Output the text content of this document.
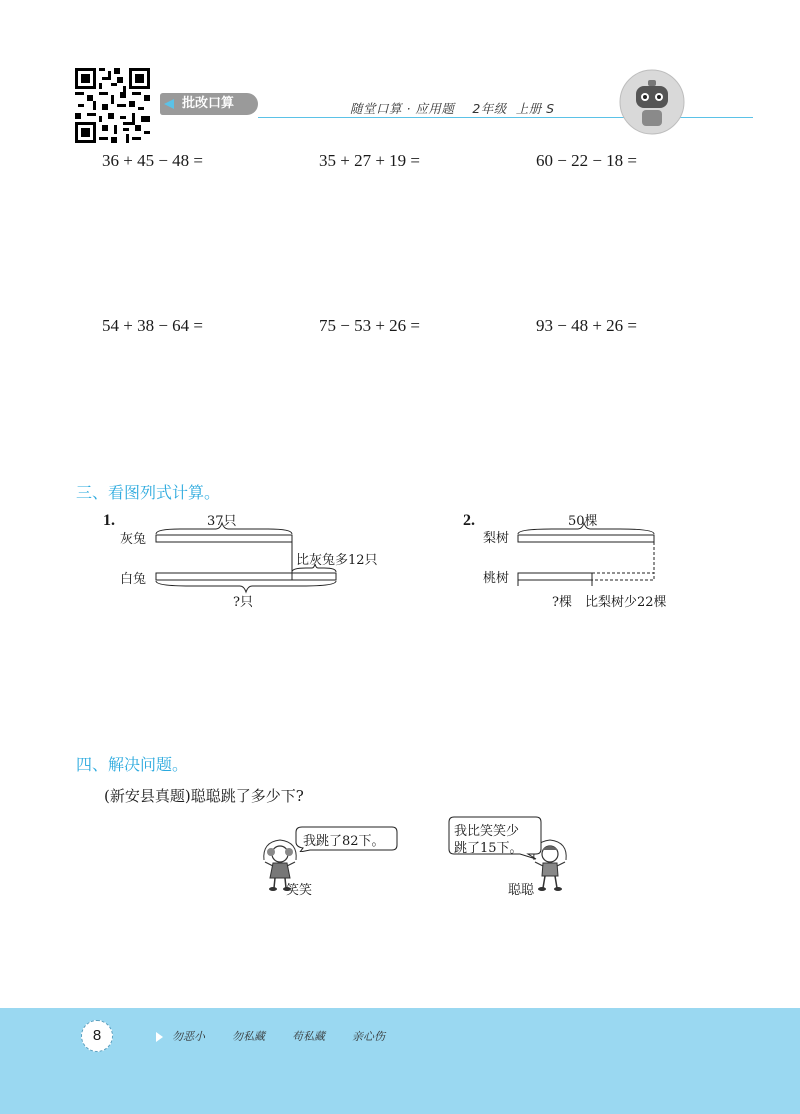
批改口算	随堂口算 · 应用题    2年级  上册 S
36 + 45 − 48 =	35 + 27 + 19 =	60 − 22 − 18 =
54 + 38 − 64 =	75 − 53 + 26 =	93 − 48 + 26 =
三、看图列式计算。
1.
灰兔
白兔
37只
比灰兔多12只
?只
2.
梨树
桃树
50棵
?棵 比梨树少22棵
四、解决问题。
(新安县真题)聪聪跳了多少下?
我跳了82下。
笑笑
我比笑笑少
跳了15下。
聪聪
8	勿恶小  勿私藏  苟私藏  亲心伤
